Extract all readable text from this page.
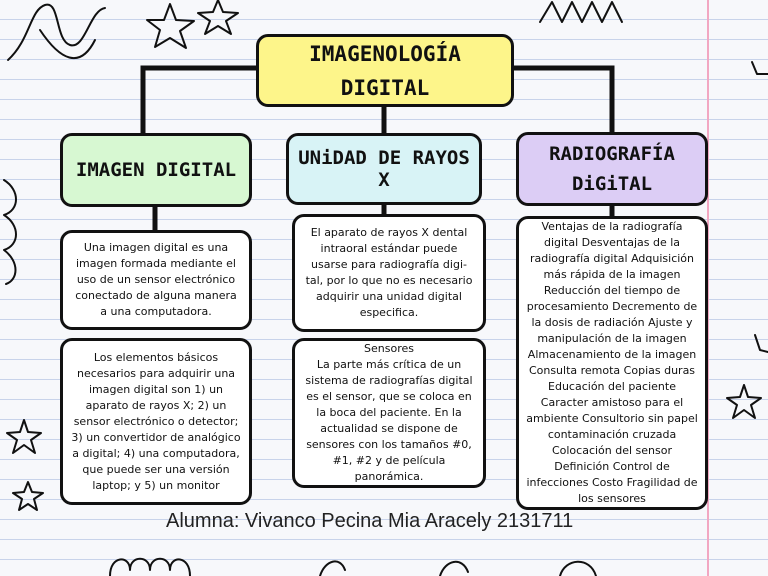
IMAGENOLOGÍA DIGITAL
IMAGEN DIGITAL
UNiDAD DE RAYOS X
RADIOGRAFÍA DiGiTAL
Una imagen digital es una imagen formada mediante el uso de un sensor electrónico conectado de alguna manera a una computadora.
Los elementos básicos necesarios para adquirir una imagen digital son 1) un aparato de rayos X; 2) un sensor electrónico o detector; 3) un convertidor de analógico a digital; 4) una computadora, que puede ser una versión laptop; y 5) un monitor
El aparato de rayos X dental intraoral estándar puede usarse para radiografía digi-tal, por lo que no es necesario adquirir una unidad digital especifica.
Sensores
La parte más crítica de un sistema de radiografías digital es el sensor, que se coloca en la boca del paciente. En la actualidad se dispone de sensores con los tamaños #0, #1, #2 y de película panorámica.
Ventajas de la radiografía digital Desventajas de la radiografía digital Adquisición más rápida de la imagen Reducción del tiempo de procesamiento Decremento de la dosis de radiación Ajuste y manipulación de la imagen Almacenamiento de la imagen Consulta remota Copias duras Educación del paciente Caracter amistoso para el ambiente Consultorio sin papel contaminación cruzada Colocación del sensor Definición Control de infecciones Costo Fragilidad de los sensores
Alumna: Vivanco Pecina Mia Aracely 2131711
